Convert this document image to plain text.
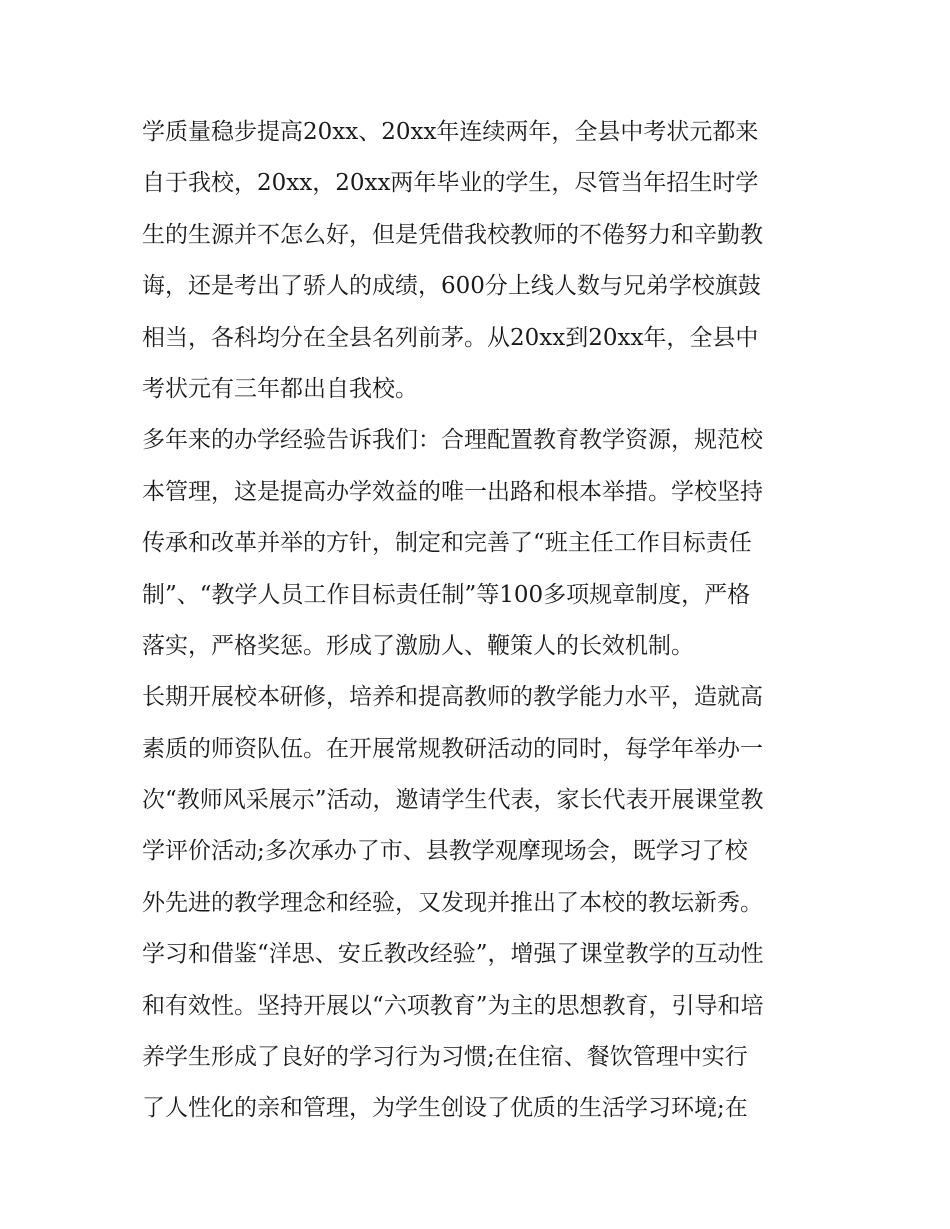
学质量稳步提高20xx、20xx年连续两年，全县中考状元都来
自于我校，20xx，20xx两年毕业的学生，尽管当年招生时学
生的生源并不怎么好，但是凭借我校教师的不倦努力和辛勤教
诲，还是考出了骄人的成绩，600分上线人数与兄弟学校旗鼓
相当，各科均分在全县名列前茅。从20xx到20xx年，全县中
考状元有三年都出自我校。
多年来的办学经验告诉我们：合理配置教育教学资源，规范校
本管理，这是提高办学效益的唯一出路和根本举措。学校坚持
传承和改革并举的方针，制定和完善了“班主任工作目标责任
制”、“教学人员工作目标责任制”等100多项规章制度，严格
落实，严格奖惩。形成了激励人、鞭策人的长效机制。
长期开展校本研修，培养和提高教师的教学能力水平，造就高
素质的师资队伍。在开展常规教研活动的同时，每学年举办一
次“教师风采展示”活动，邀请学生代表，家长代表开展课堂教
学评价活动;多次承办了市、县教学观摩现场会，既学习了校
外先进的教学理念和经验，又发现并推出了本校的教坛新秀。
学习和借鉴“洋思、安丘教改经验”，增强了课堂教学的互动性
和有效性。坚持开展以“六项教育”为主的思想教育，引导和培
养学生形成了良好的学习行为习惯;在住宿、餐饮管理中实行
了人性化的亲和管理，为学生创设了优质的生活学习环境;在
